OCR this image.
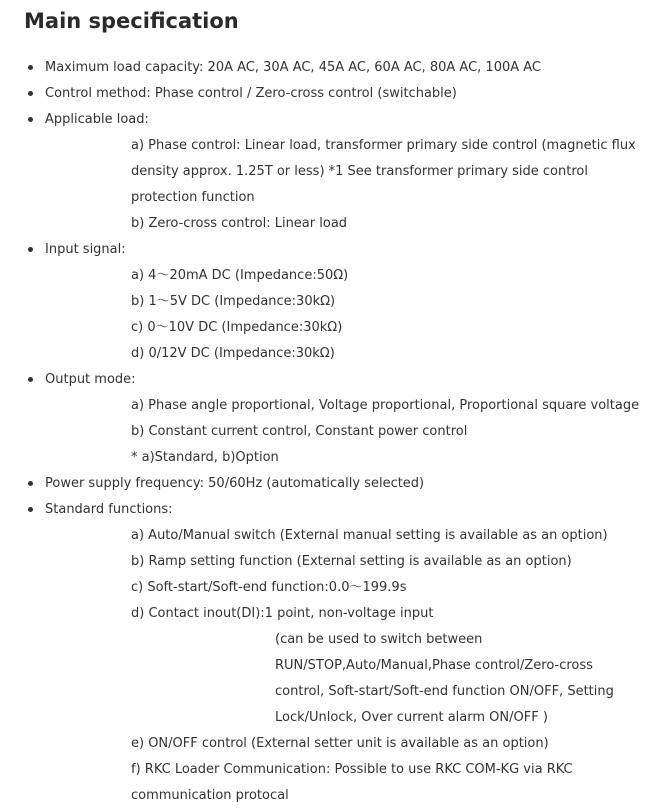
Main specification
Maximum load capacity: 20A AC, 30A AC, 45A AC, 60A AC, 80A AC, 100A AC
Control method: Phase control / Zero-cross control (switchable)
Applicable load:
a) Phase control: Linear load, transformer primary side control (magnetic flux density approx. 1.25T or less) *1 See transformer primary side control protection function
b) Zero-cross control: Linear load
Input signal:
a) 4〜20mA DC (Impedance:50Ω)
b) 1〜5V DC (Impedance:30kΩ)
c) 0〜10V DC (Impedance:30kΩ)
d) 0/12V DC (Impedance:30kΩ)
Output mode:
a) Phase angle proportional, Voltage proportional, Proportional square voltage
b) Constant current control, Constant power control
* a)Standard, b)Option
Power supply frequency: 50/60Hz (automatically selected)
Standard functions:
a) Auto/Manual switch (External manual setting is available as an option)
b) Ramp setting function (External setting is available as an option)
c) Soft-start/Soft-end function:0.0〜199.9s
d) Contact inout(DI):1 point, non-voltage input
(can be used to switch between
RUN/STOP,Auto/Manual,Phase control/Zero-cross
control, Soft-start/Soft-end function ON/OFF, Setting
Lock/Unlock, Over current alarm ON/OFF )
e) ON/OFF control (External setter unit is available as an option)
f) RKC Loader Communication: Possible to use RKC COM-KG via RKC communication protocal
